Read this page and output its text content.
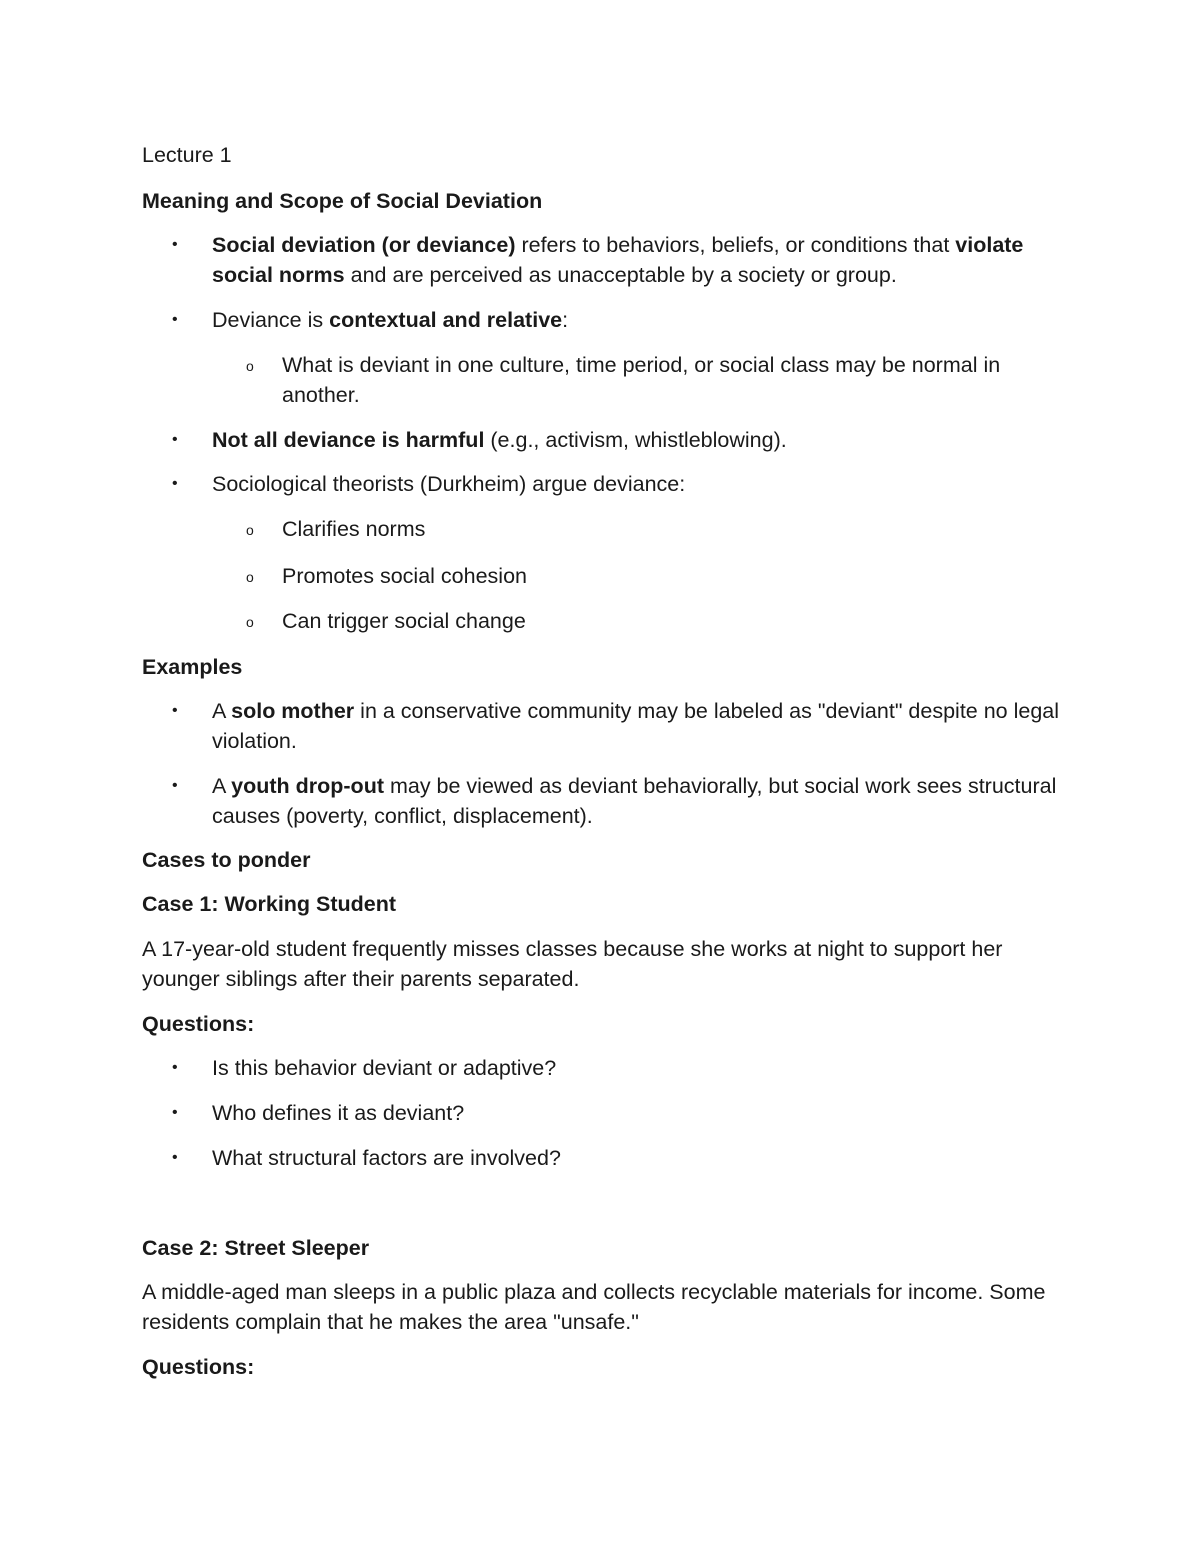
Lecture 1

Meaning and Scope of Social Deviation

• Social deviation (or deviance) refers to behaviors, beliefs, or conditions that violate social norms and are perceived as unacceptable by a society or group.

• Deviance is contextual and relative:

o What is deviant in one culture, time period, or social class may be normal in another.

• Not all deviance is harmful (e.g., activism, whistleblowing).

• Sociological theorists (Durkheim) argue deviance:

o Clarifies norms

o Promotes social cohesion

o Can trigger social change

Examples

• A solo mother in a conservative community may be labeled as "deviant" despite no legal violation.

• A youth drop-out may be viewed as deviant behaviorally, but social work sees structural causes (poverty, conflict, displacement).

Cases to ponder

Case 1: Working Student

A 17-year-old student frequently misses classes because she works at night to support her younger siblings after their parents separated.

Questions:

• Is this behavior deviant or adaptive?

• Who defines it as deviant?

• What structural factors are involved?

Case 2: Street Sleeper

A middle-aged man sleeps in a public plaza and collects recyclable materials for income. Some residents complain that he makes the area "unsafe."

Questions:
